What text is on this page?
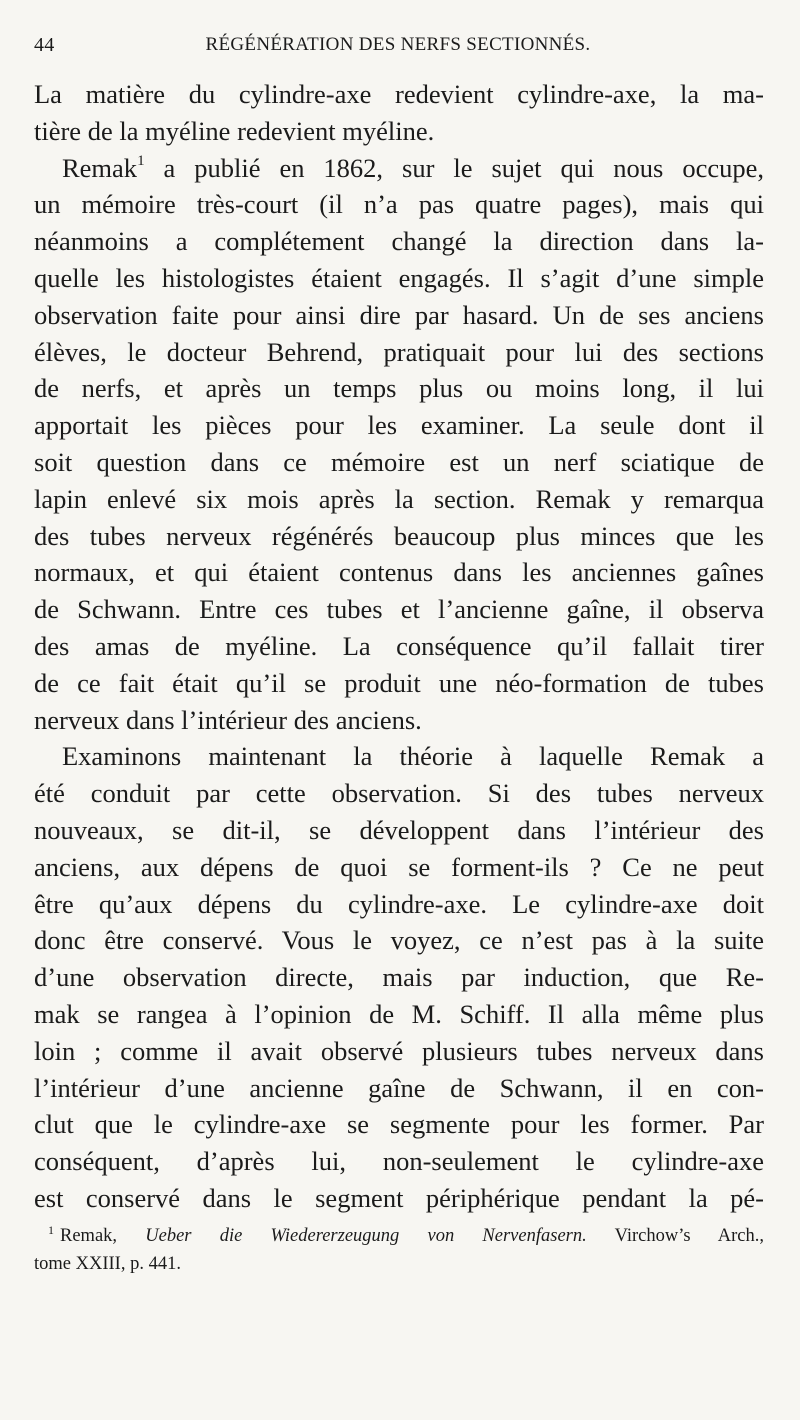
44	RÉGÉNÉRATION DES NERFS SECTIONNÉS.
La matière du cylindre-axe redevient cylindre-axe, la ma-
tière de la myéline redevient myéline.
Remak$^1$ a publié en 1862, sur le sujet qui nous occupe,
un mémoire très-court (il n’a pas quatre pages), mais qui
néanmoins a complétement changé la direction dans la-
quelle les histologistes étaient engagés. Il s’agit d’une simple
observation faite pour ainsi dire par hasard. Un de ses anciens
élèves, le docteur Behrend, pratiquait pour lui des sections
de nerfs, et après un temps plus ou moins long, il lui
apportait les pièces pour les examiner. La seule dont il
soit question dans ce mémoire est un nerf sciatique de
lapin enlevé six mois après la section. Remak y remarqua
des tubes nerveux régénérés beaucoup plus minces que les
normaux, et qui étaient contenus dans les anciennes gaînes
de Schwann. Entre ces tubes et l’ancienne gaîne, il observa
des amas de myéline. La conséquence qu’il fallait tirer
de ce fait était qu’il se produit une néo-formation de tubes
nerveux dans l’intérieur des anciens.
Examinons maintenant la théorie à laquelle Remak a
été conduit par cette observation. Si des tubes nerveux
nouveaux, se dit-il, se développent dans l’intérieur des
anciens, aux dépens de quoi se forment-ils ? Ce ne peut
être qu’aux dépens du cylindre-axe. Le cylindre-axe doit
donc être conservé. Vous le voyez, ce n’est pas à la suite
d’une observation directe, mais par induction, que Re-
mak se rangea à l’opinion de M. Schiff. Il alla même plus
loin ; comme il avait observé plusieurs tubes nerveux dans
l’intérieur d’une ancienne gaîne de Schwann, il en con-
clut que le cylindre-axe se segmente pour les former. Par
conséquent, d’après lui, non-seulement le cylindre-axe
est conservé dans le segment périphérique pendant la pé-
$^1$ Remak, Ueber die Wiedererzeugung von Nervenfasern. Virchow’s Arch.,
tome XXIII, p. 441.
